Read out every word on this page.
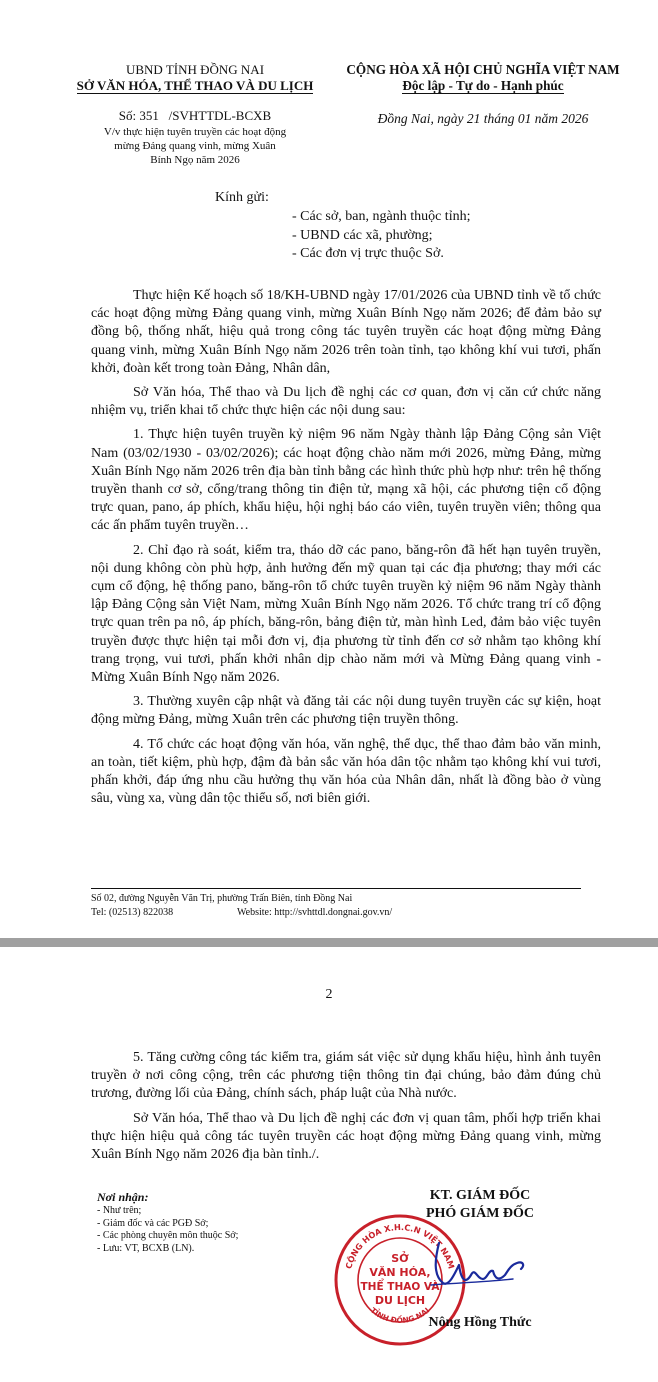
UBND TỈNH ĐỒNG NAI
SỞ VĂN HÓA, THỂ THAO VÀ DU LỊCH
CỘNG HÒA XÃ HỘI CHỦ NGHĨA VIỆT NAM
Độc lập - Tự do - Hạnh phúc
Số: 351   /SVHTTDL-BCXB
V/v thực hiện tuyên truyền các hoạt động
mừng Đảng quang vinh, mừng Xuân
Bính Ngọ năm 2026
Đồng Nai, ngày 21 tháng 01 năm 2026
Kính gửi:
- Các sở, ban, ngành thuộc tỉnh;
- UBND các xã, phường;
- Các đơn vị trực thuộc Sở.

Thực hiện Kế hoạch số 18/KH-UBND ngày 17/01/2026 của UBND tỉnh về tổ chức các hoạt động mừng Đảng quang vinh, mừng Xuân Bính Ngọ năm 2026; để đảm bảo sự đồng bộ, thống nhất, hiệu quả trong công tác tuyên truyền các hoạt động mừng Đảng quang vinh, mừng Xuân Bính Ngọ năm 2026 trên toàn tỉnh, tạo không khí vui tươi, phấn khởi, đoàn kết trong toàn Đảng, Nhân dân,

Sở Văn hóa, Thể thao và Du lịch đề nghị các cơ quan, đơn vị căn cứ chức năng nhiệm vụ, triển khai tổ chức thực hiện các nội dung sau:

1. Thực hiện tuyên truyền kỷ niệm 96 năm Ngày thành lập Đảng Cộng sản Việt Nam (03/02/1930 - 03/02/2026); các hoạt động chào năm mới 2026, mừng Đảng, mừng Xuân Bính Ngọ năm 2026 trên địa bàn tỉnh bằng các hình thức phù hợp như: trên hệ thống truyền thanh cơ sở, cổng/trang thông tin điện tử, mạng xã hội, các phương tiện cổ động trực quan, pano, áp phích, khẩu hiệu, hội nghị báo cáo viên, tuyên truyền viên; thông qua các ấn phẩm tuyên truyền…

2. Chỉ đạo rà soát, kiểm tra, tháo dỡ các pano, băng-rôn đã hết hạn tuyên truyền, nội dung không còn phù hợp, ảnh hưởng đến mỹ quan tại các địa phương; thay mới các cụm cổ động, hệ thống pano, băng-rôn tổ chức tuyên truyền kỷ niệm 96 năm Ngày thành lập Đảng Cộng sản Việt Nam, mừng Xuân Bính Ngọ năm 2026. Tổ chức trang trí cổ động trực quan trên pa nô, áp phích, băng-rôn, bảng điện tử, màn hình Led, đảm bảo việc tuyên truyền được thực hiện tại mỗi đơn vị, địa phương từ tỉnh đến cơ sở nhằm tạo không khí trang trọng, vui tươi, phấn khởi nhân dịp chào năm mới và Mừng Đảng quang vinh - Mừng Xuân Bính Ngọ năm 2026.

3. Thường xuyên cập nhật và đăng tải các nội dung tuyên truyền các sự kiện, hoạt động mừng Đảng, mừng Xuân trên các phương tiện truyền thông.

4. Tổ chức các hoạt động văn hóa, văn nghệ, thể dục, thể thao đảm bảo văn minh, an toàn, tiết kiệm, phù hợp, đậm đà bản sắc văn hóa dân tộc nhằm tạo không khí vui tươi, phấn khởi, đáp ứng nhu cầu hưởng thụ văn hóa của Nhân dân, nhất là đồng bào ở vùng sâu, vùng xa, vùng dân tộc thiểu số, nơi biên giới.

Số 02, đường Nguyễn Văn Trị, phường Trấn Biên, tỉnh Đồng Nai
Tel: (02513) 822038	Website: http://svhttdl.dongnai.gov.vn/
2

5. Tăng cường công tác kiểm tra, giám sát việc sử dụng khẩu hiệu, hình ảnh tuyên truyền ở nơi công cộng, trên các phương tiện thông tin đại chúng, bảo đảm đúng chủ trương, đường lối của Đảng, chính sách, pháp luật của Nhà nước.

Sở Văn hóa, Thể thao và Du lịch đề nghị các đơn vị quan tâm, phối hợp triển khai thực hiện hiệu quả công tác tuyên truyền các hoạt động mừng Đảng quang vinh, mừng Xuân Bính Ngọ năm 2026 địa bàn tỉnh./.

Nơi nhận:
- Như trên;
- Giám đốc và các PGĐ Sở;
- Các phòng chuyên môn thuộc Sở;
- Lưu: VT, BCXB (LN).
KT. GIÁM ĐỐC
PHÓ GIÁM ĐỐC
CỘNG HÒA X.H.C.N VIỆT NAM
TỈNH ĐỒNG NAI
SỞ
VĂN HÓA,
THỂ THAO VÀ
DU LỊCH
Nông Hồng Thức
